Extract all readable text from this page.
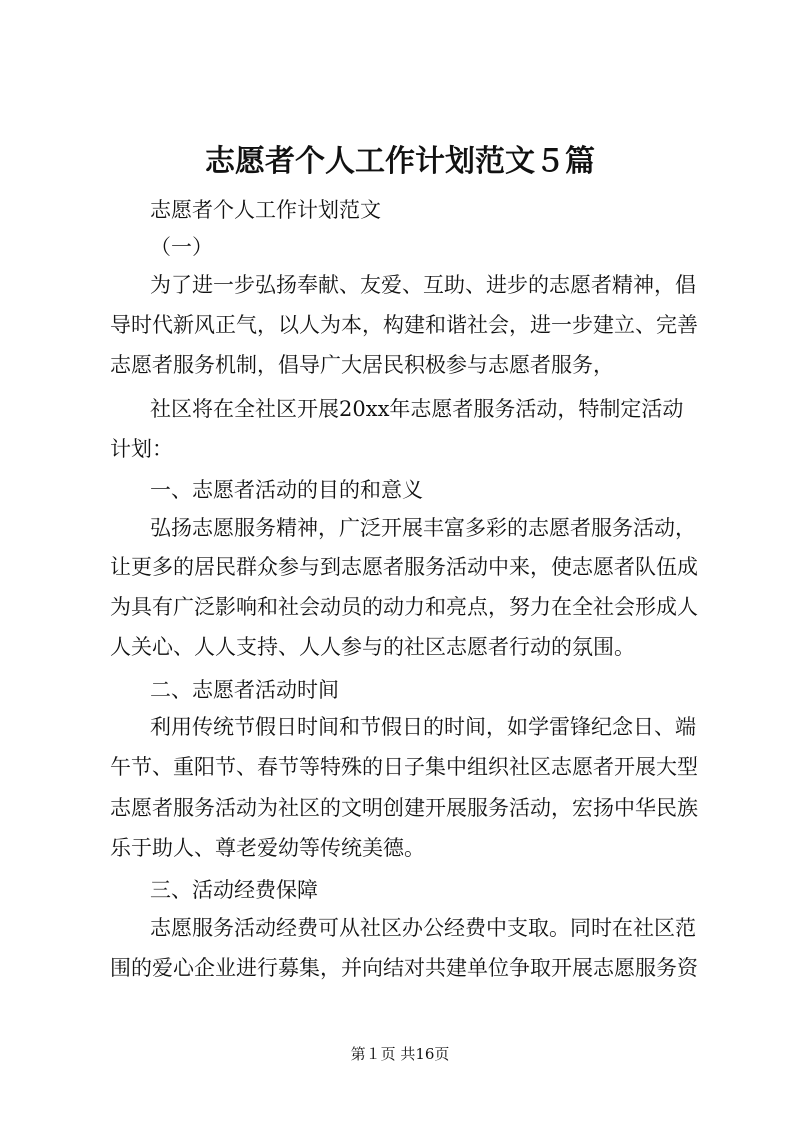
志愿者个人工作计划范文５篇
志愿者个人工作计划范文
（一）
为了进一步弘扬奉献、友爱、互助、进步的志愿者精神，倡
导时代新风正气，以人为本，构建和谐社会，进一步建立、完善
志愿者服务机制，倡导广大居民积极参与志愿者服务，
社区将在全社区开展20xx年志愿者服务活动，特制定活动
计划：
一、志愿者活动的目的和意义
弘扬志愿服务精神，广泛开展丰富多彩的志愿者服务活动，
让更多的居民群众参与到志愿者服务活动中来，使志愿者队伍成
为具有广泛影响和社会动员的动力和亮点，努力在全社会形成人
人关心、人人支持、人人参与的社区志愿者行动的氛围。
二、志愿者活动时间
利用传统节假日时间和节假日的时间，如学雷锋纪念日、端
午节、重阳节、春节等特殊的日子集中组织社区志愿者开展大型
志愿者服务活动为社区的文明创建开展服务活动，宏扬中华民族
乐于助人、尊老爱幼等传统美德。
三、活动经费保障
志愿服务活动经费可从社区办公经费中支取。同时在社区范
围的爱心企业进行募集，并向结对共建单位争取开展志愿服务资
第１页 共16页
